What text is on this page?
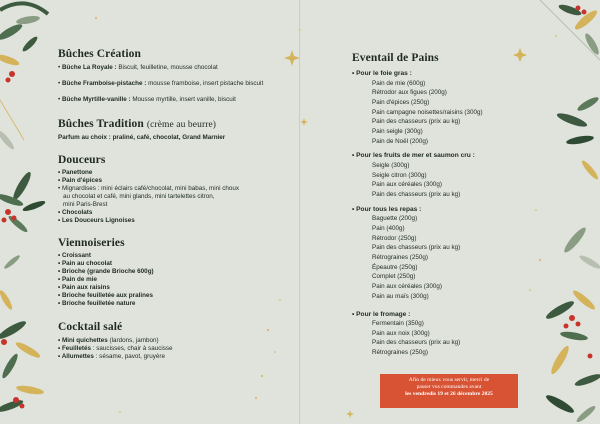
Bûches Création
• Bûche La Royale : Biscuit, feuilletine, mousse chocolat
• Bûche Framboise-pistache : mousse framboise, insert pistache biscuit
• Bûche Myrtille-vanille : Mousse myrtille, insert vanille, biscuit
Bûches Tradition (crème au beurre)
Parfum au choix : praliné, café, chocolat, Grand Marnier
Douceurs
• Panettone
• Pain d'épices
• Mignardises : mini éclairs café/chocolat, mini babas, mini choux
au chocolat et café, mini glands, mini tartelettes citron,
mini Paris-Brest
• Chocolats
• Les Douceurs Lignoises
Viennoiseries
• Croissant
• Pain au chocolat
• Brioche (grande Brioche 600g)
• Pain de mie
• Pain aux raisins
• Brioche feuilletée aux pralines
• Brioche feuilletée nature
Cocktail salé
• Mini quichettes (lardons, jambon)
• Feuilletés : saucisses, chair à saucisse
• Allumettes : sésame, pavot, gruyère
Eventail de Pains
• Pour le foie gras :
Pain de mie (600g)
Rétrodor aux figues (200g)
Pain d'épices (250g)
Pain campagne noisettes/raisins (300g)
Pain des chasseurs (prix au kg)
Pain seigle (300g)
Pain de Noël (200g)
• Pour les fruits de mer et saumon cru :
Seigle (300g)
Seigle citron (300g)
Pain aux céréales (300g)
Pain des chasseurs (prix au kg)
• Pour tous les repas :
Baguette (200g)
Pain (400g)
Rétrodor (250g)
Pain des chasseurs (prix au kg)
Rétrograines (250g)
Épeautre (250g)
Complet (250g)
Pain aux céréales (300g)
Pain au maïs (300g)
• Pour le fromage :
Fermentain (350g)
Pain aux noix (300g)
Pain des chasseurs (prix au kg)
Rétrograines (250g)
Afin de mieux vous servir, merci de
passer vos commandes avant
les vendredis 19 et 26 décembre 2025
